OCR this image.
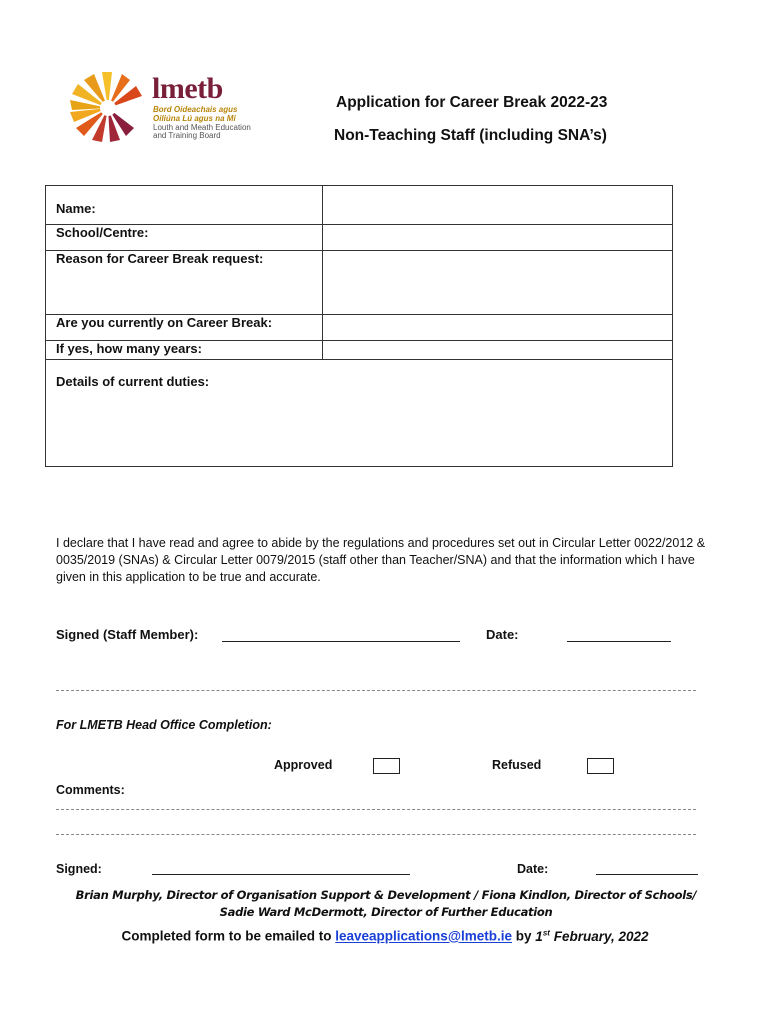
lmetb
Bord Oideachais agus
Oiliúna Lú agus na Mí
Louth and Meath Education
and Training Board
Application for Career Break 2022-23
Non-Teaching Staff (including SNA’s)
Name:	
School/Centre:	
Reason for Career Break request:	
Are you currently on Career Break:	
If yes, how many years:	
Details of current duties:	
I declare that I have read and agree to abide by the regulations and procedures set out in Circular Letter 0022/2012 & 0035/2019 (SNAs) & Circular Letter 0079/2015 (staff other than Teacher/SNA) and that the information which I have given in this application to be true and accurate.
Signed (Staff Member):	Date:
For LMETB Head Office Completion:
Approved	Refused
Comments:
Signed:	Date:
Brian Murphy, Director of Organisation Support & Development / Fiona Kindlon, Director of Schools/
Sadie Ward McDermott, Director of Further Education
Completed form to be emailed to leaveapplications@lmetb.ie by 1st February, 2022
